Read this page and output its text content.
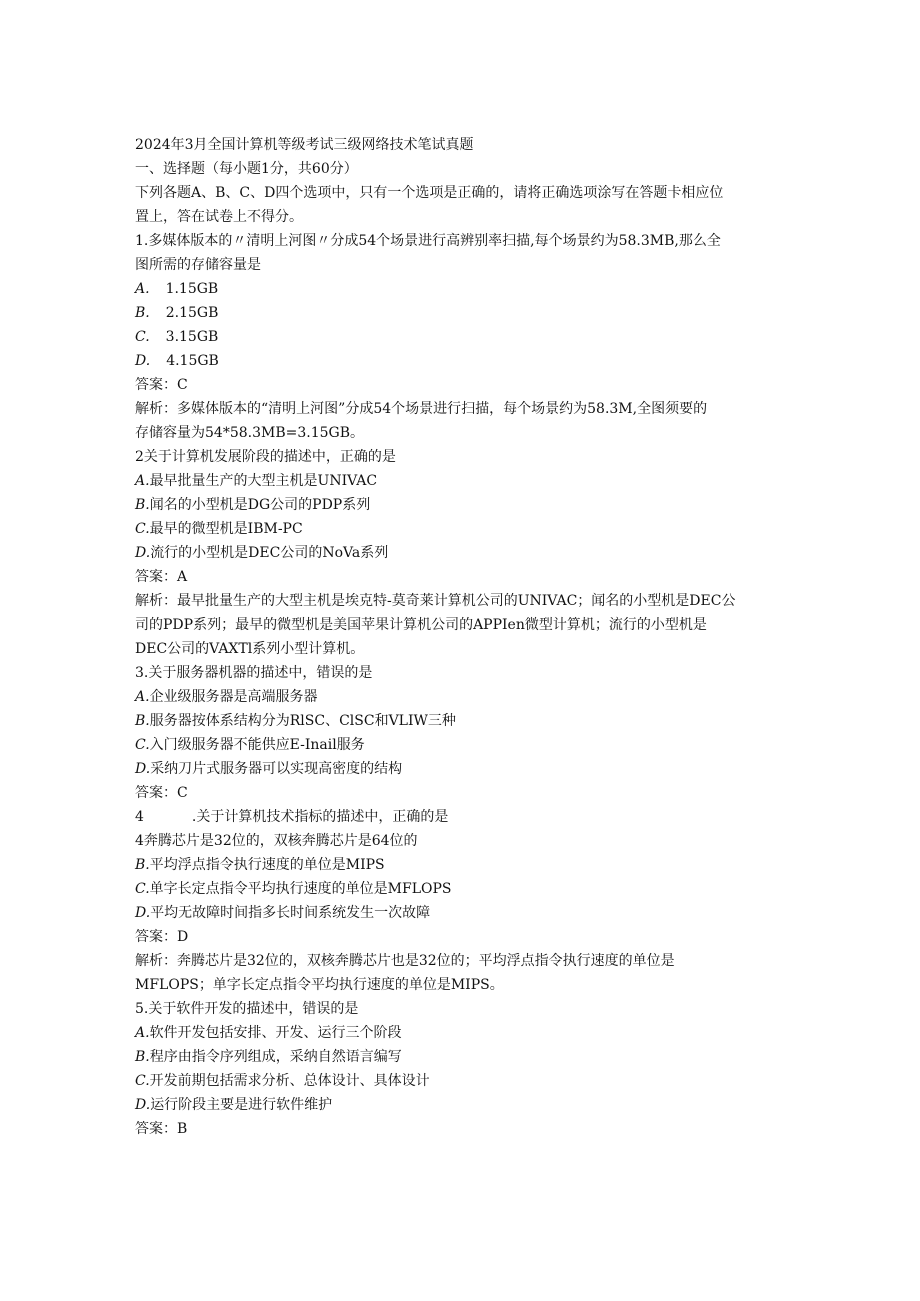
2024年3月全国计算机等级考试三级网络技术笔试真题
一、选择题（每小题1分，共60分）
下列各题A、B、C、D四个选项中，只有一个选项是正确的，请将正确选项涂写在答题卡相应位
置上，答在试卷上不得分。
1.多媒体版本的〃清明上河图〃分成54个场景进行高辨别率扫描,每个场景约为58.3MB,那么全
图所需的存储容量是
A. 1.15GB
B. 2.15GB
C. 3.15GB
D. 4.15GB
答案：C
解析：多媒体版本的“清明上河图”分成54个场景进行扫描，每个场景约为58.3M,全图须要的
存储容量为54*58.3MB=3.15GB。
2关于计算机发展阶段的描述中，正确的是
A.最早批量生产的大型主机是UNIVAC
B.闻名的小型机是DG公司的PDP系列
C.最早的微型机是IBM-PC
D.流行的小型机是DEC公司的NoVa系列
答案：A
解析：最早批量生产的大型主机是埃克特-莫奇莱计算机公司的UNIVAC；闻名的小型机是DEC公
司的PDP系列；最早的微型机是美国苹果计算机公司的APPIen微型计算机；流行的小型机是
DEC公司的VAXTl系列小型计算机。
3.关于服务器机器的描述中，错误的是
A.企业级服务器是高端服务器
B.服务器按体系结构分为RlSC、ClSC和VLIW三种
C.入门级服务器不能供应E-Inail服务
D.采纳刀片式服务器可以实现高密度的结构
答案：C
4	.关于计算机技术指标的描述中，正确的是
4奔腾芯片是32位的，双核奔腾芯片是64位的
B.平均浮点指令执行速度的单位是MIPS
C.单字长定点指令平均执行速度的单位是MFLOPS
D.平均无故障时间指多长时间系统发生一次故障
答案：D
解析：奔腾芯片是32位的，双核奔腾芯片也是32位的；平均浮点指令执行速度的单位是
MFLOPS；单字长定点指令平均执行速度的单位是MIPS。
5.关于软件开发的描述中，错误的是
A.软件开发包括安排、开发、运行三个阶段
B.程序由指令序列组成，采纳自然语言编写
C.开发前期包括需求分析、总体设计、具体设计
D.运行阶段主要是进行软件维护
答案：B
